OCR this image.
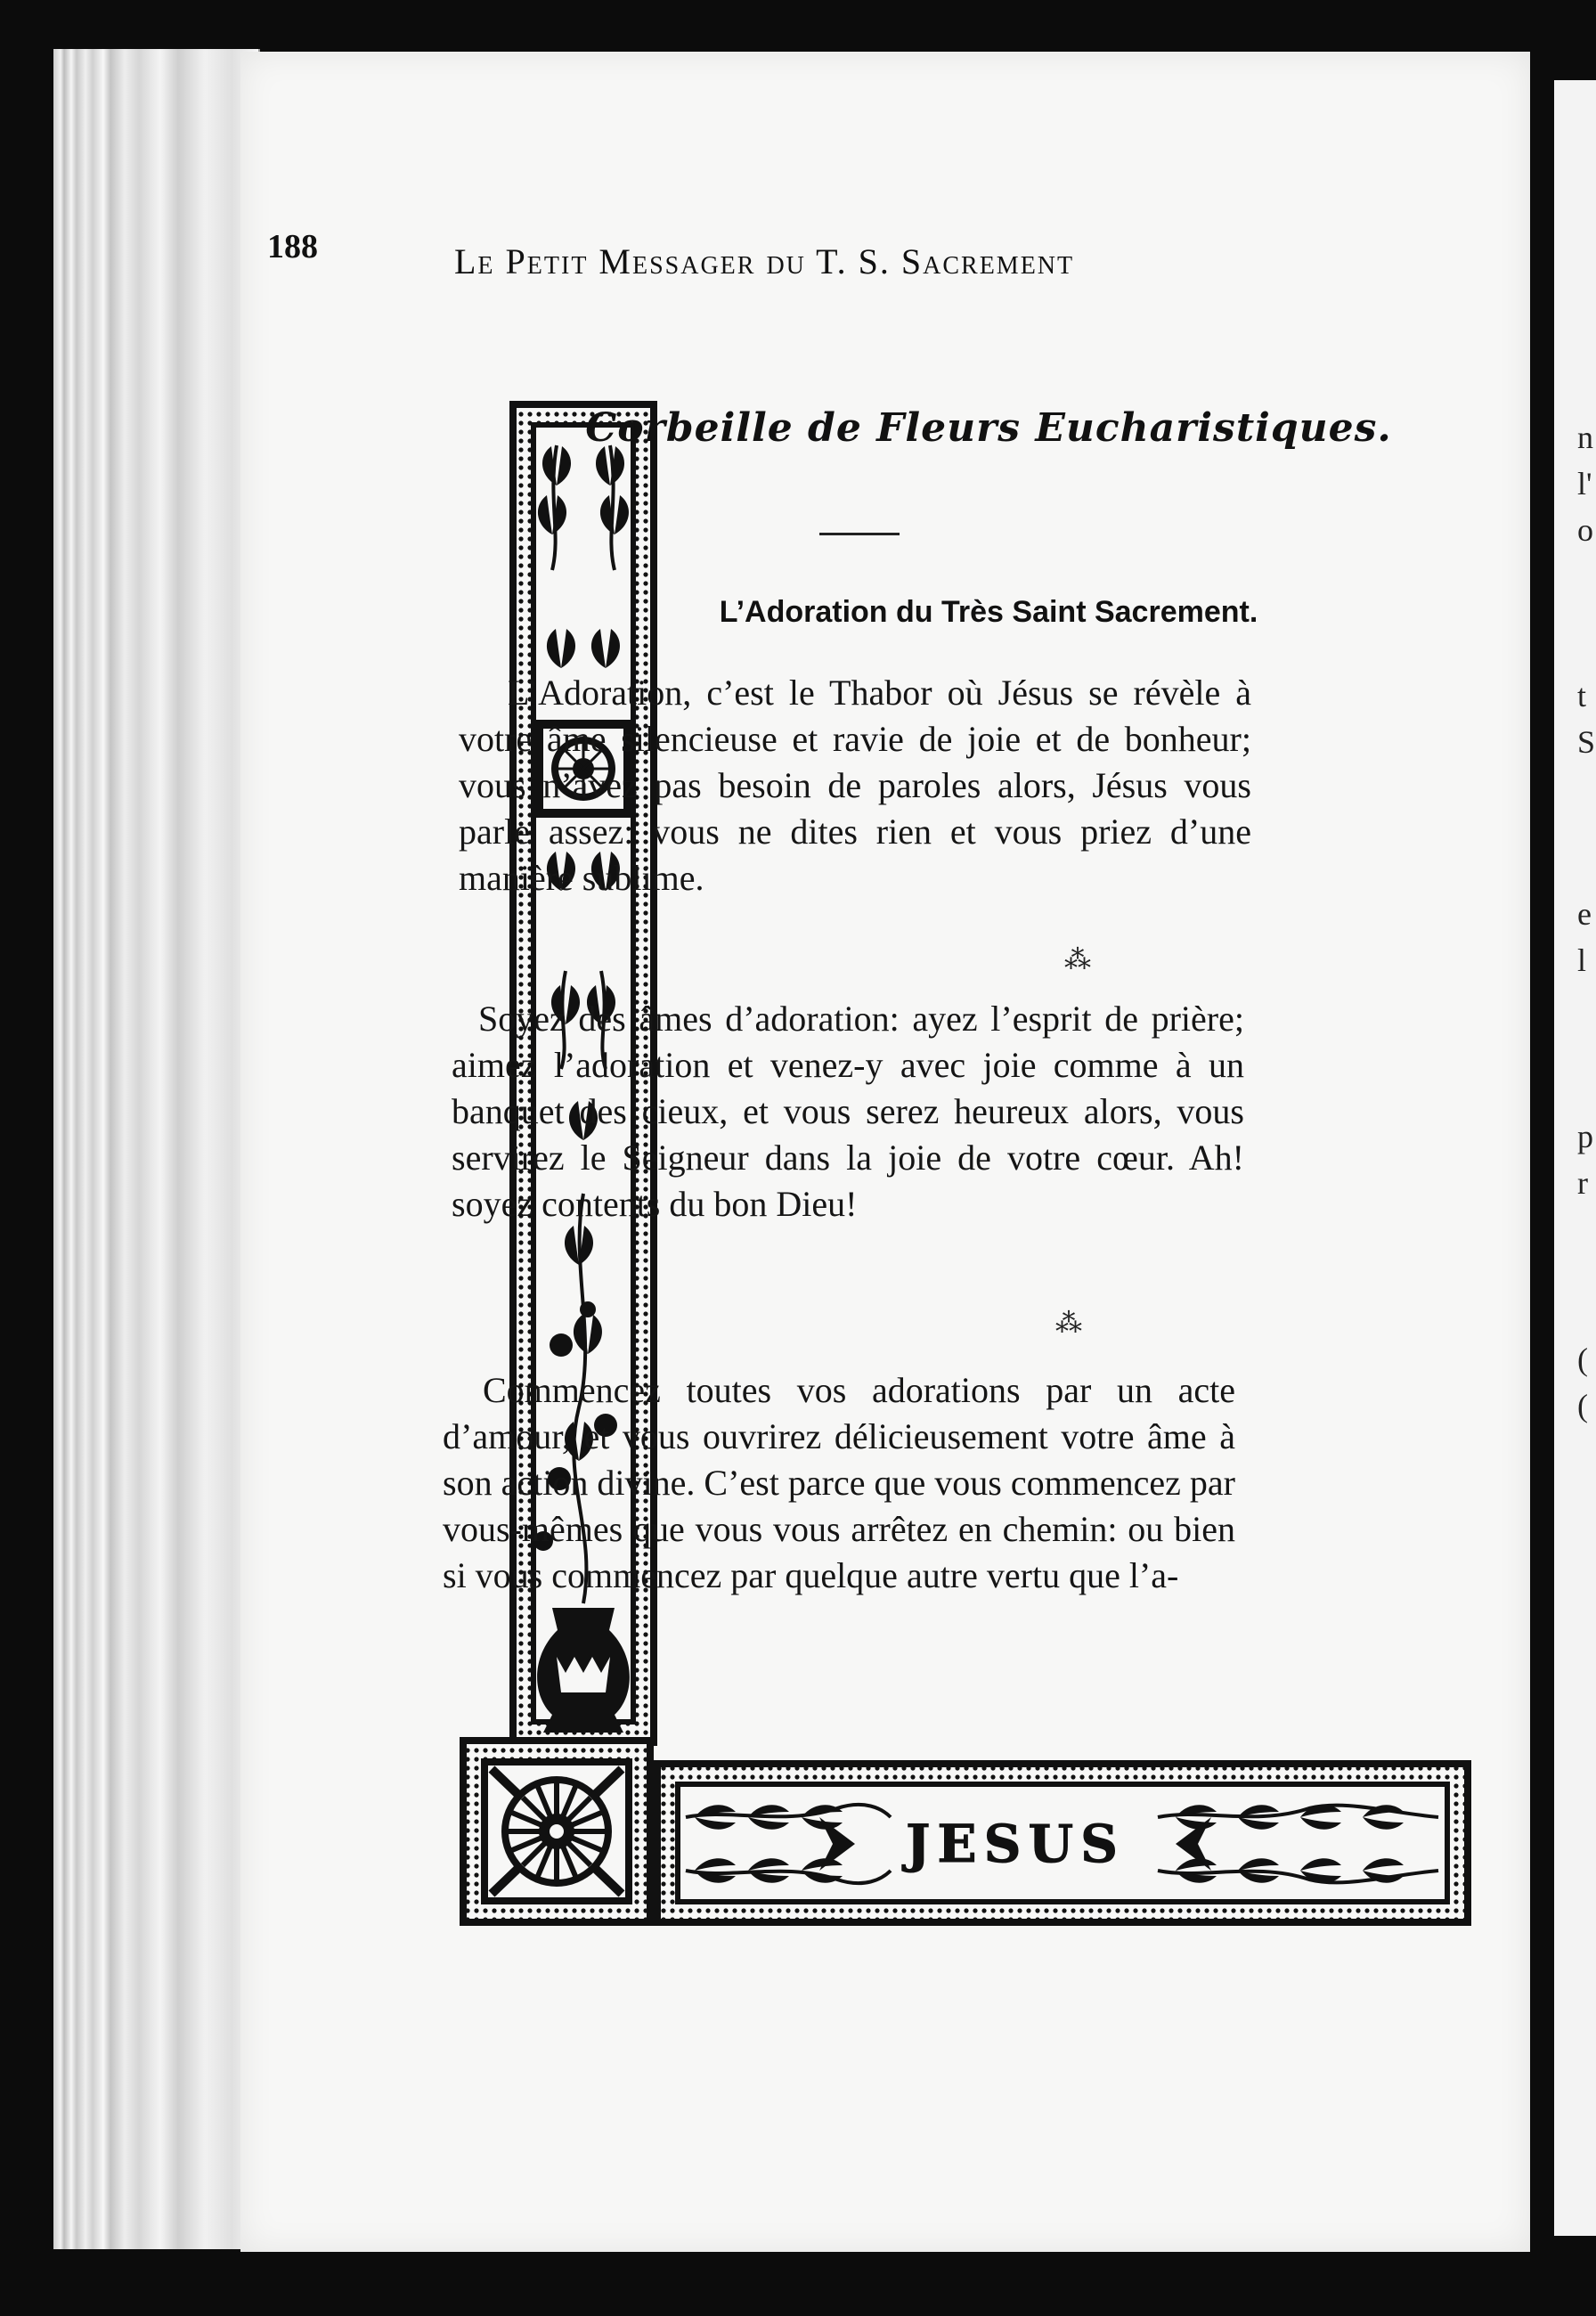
n
l'
o
t
S
e
l
p
r
(
(
188	Le Petit Messager du T. S. Sacrement
JESUS
Corbeille de Fleurs Eucharistiques.
L’Adoration du Très Saint Sacrement.
L’Adoration, c’est le Thabor où Jésus se révèle à votre âme silencieuse et ravie de joie et de bonheur; vous n’avez pas besoin de paroles alors, Jésus vous parle assez: vous ne dites rien et vous priez d’une manière sublime.
⁂
Soyez des âmes d’adoration: ayez l’esprit de prière; aimez l’adoration et venez-y avec joie comme à un banquet des cieux, et vous serez heureux alors, vous servirez le Seigneur dans la joie de votre cœur. Ah! soyez contents du bon Dieu!
⁂
Commencez toutes vos adorations par un acte d’amour, et vous ouvrirez délicieusement votre âme à son action divine. C’est parce que vous commencez par vous-mêmes que vous vous arrêtez en chemin: ou bien si vous commencez par quelque autre vertu que l’a-
